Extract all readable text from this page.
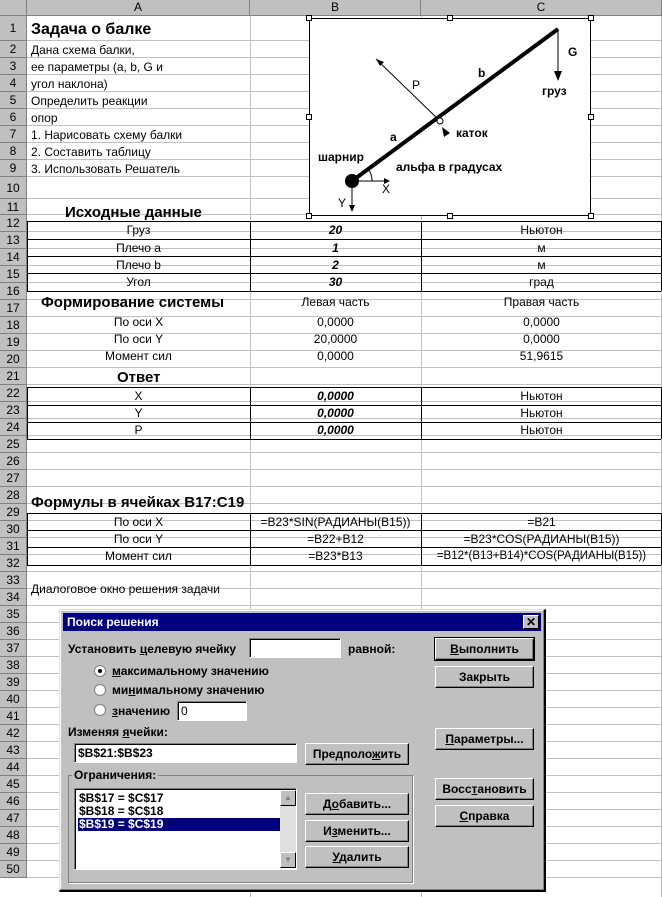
A	B	C
1
2
3
4
5
6
7
8
9
10
11
12
13
14
15
16
17
18
19
20
21
22
23
24
25
26
27
28
29
30
31
32
33
34
35
36
37
38
39
40
41
42
43
44
45
46
47
48
49
50
Задача о балке
Дана схема балки,
ее параметры (a, b, G и
угол наклона)
Определить реакции
опор
1. Нарисовать схему балки
2. Составить таблицу
3. Использовать Решатель
G
b
груз
P
каток
a
шарнир
альфа в градусах
X
Y
Исходные данные
Формирование системы	Левая часть	Правая часть
Ответ
Формулы в ячейках B17:C19
Диалоговое окно решения задачи
Груз	20	Ньютон
Плечо a	1	м
Плечо b	2	м
Угол	30	град
По оси X	0,0000	0,0000
По оси Y	20,0000	0,0000
Момент сил	0,0000	51,9615
X	0,0000	Ньютон
Y	0,0000	Ньютон
P	0,0000	Ньютон
По оси X	=B23*SIN(РАДИАНЫ(B15))	=B21
По оси Y	=B22+B12	=B23*COS(РАДИАНЫ(B15))
Момент сил	=B23*B13	=B12*(B13+B14)*COS(РАДИАНЫ(B15))
Поиск решения	✕
Установить целевую ячейку	равной:
максимальному значению
минимальному значению
значению 0
Изменяя ячейки:
$B$21:$B$23	Предположить
Ограничения:
$B$17 = $C$17
$B$18 = $C$18
$B$19 = $C$19
▲
▼
Добавить...
Изменить...
Удалить
Выполнить
Закрыть
Параметры...
Восстановить
Справка
